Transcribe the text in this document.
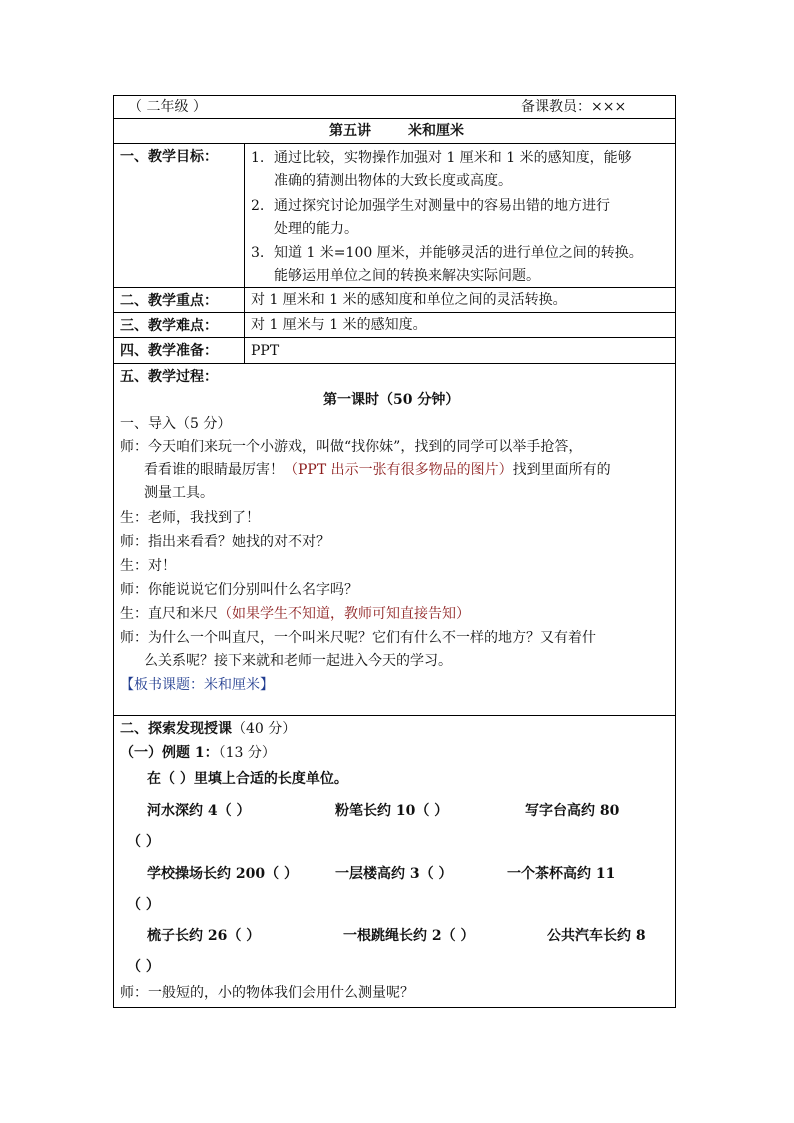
（ 二年级 ）	备课教员：×××
第五讲	米和厘米
一、教学目标：	1. 通过比较，实物操作加强对 1 厘米和 1 米的感知度，能够
准确的猜测出物体的大致长度或高度。
2. 通过探究讨论加强学生对测量中的容易出错的地方进行
处理的能力。
3. 知道 1 米=100 厘米，并能够灵活的进行单位之间的转换。
能够运用单位之间的转换来解决实际问题。
二、教学重点：	对 1 厘米和 1 米的感知度和单位之间的灵活转换。
三、教学难点：	对 1 厘米与 1 米的感知度。
四、教学准备：	PPT
五、教学过程：
第一课时（50 分钟）
一、导入（5 分）
师：今天咱们来玩一个小游戏，叫做“找你妹”，找到的同学可以举手抢答，
看看谁的眼睛最厉害！（PPT 出示一张有很多物品的图片）找到里面所有的
测量工具。
生：老师，我找到了！
师：指出来看看？她找的对不对？
生：对！
师：你能说说它们分别叫什么名字吗？
生：直尺和米尺（如果学生不知道，教师可知直接告知）
师：为什么一个叫直尺，一个叫米尺呢？它们有什么不一样的地方？又有着什
么关系呢？接下来就和老师一起进入今天的学习。
【板书课题：米和厘米】
二、探索发现授课（40 分）
（一）例题 1：（13 分）
在（ ）里填上合适的长度单位。
河水深约 4（ ）	粉笔长约 10（ ）	写字台高约 80
（ ）
学校操场长约 200（ ）	一层楼高约 3（ ）	一个茶杯高约 11
（ ）
梳子长约 26（ ）	一根跳绳长约 2（ ）	公共汽车长约 8
（ ）
师：一般短的，小的物体我们会用什么测量呢？
